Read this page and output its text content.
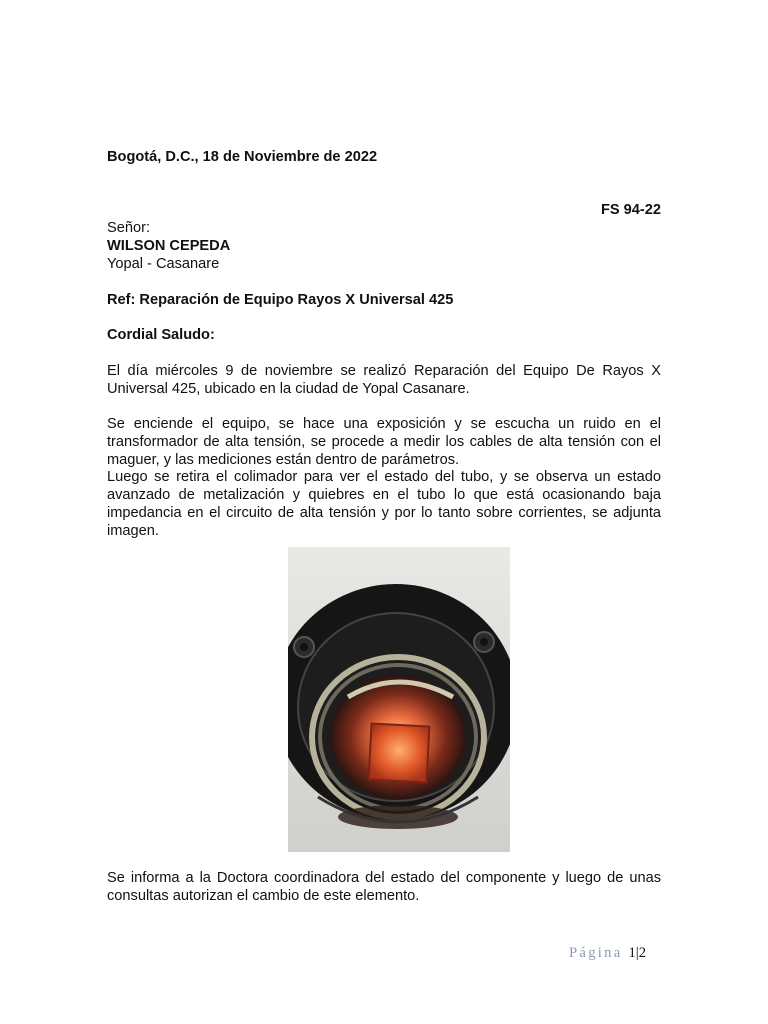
Bogotá, D.C., 18 de Noviembre de 2022
FS 94-22
Señor:
WILSON CEPEDA
Yopal - Casanare
Ref: Reparación de Equipo Rayos X Universal 425
Cordial Saludo:
El día miércoles 9 de noviembre se realizó Reparación del Equipo De Rayos X Universal 425, ubicado en la ciudad de Yopal Casanare.
Se enciende el equipo, se hace una exposición y se escucha un ruido en el transformador de alta tensión, se procede a medir los cables de alta tensión con el maguer, y las mediciones están dentro de parámetros.
Luego se retira el colimador para ver el estado del tubo, y se observa un estado avanzado de metalización y quiebres en el tubo lo que está ocasionando baja impedancia en el circuito de alta tensión y por lo tanto sobre corrientes, se adjunta imagen.
Se informa a la Doctora coordinadora del estado del componente y luego de unas consultas autorizan el cambio de este elemento.
Página 1|2
